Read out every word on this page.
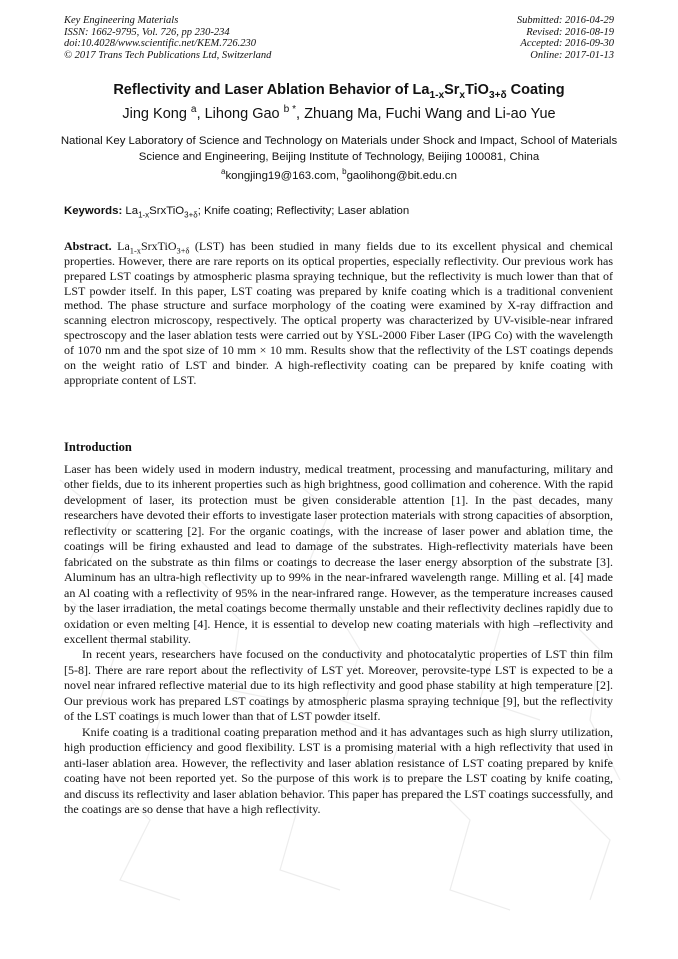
Key Engineering Materials
ISSN: 1662-9795, Vol. 726, pp 230-234
doi:10.4028/www.scientific.net/KEM.726.230
© 2017 Trans Tech Publications Ltd, Switzerland
Submitted: 2016-04-29
Revised: 2016-08-19
Accepted: 2016-09-30
Online: 2017-01-13
Reflectivity and Laser Ablation Behavior of $La_{1-x}Sr_xTiO_{3+\delta}$ Coating
Jing Kong $^a$, Lihong Gao $^{b *}$, Zhuang Ma, Fuchi Wang and Li-ao Yue
National Key Laboratory of Science and Technology on Materials under Shock and Impact, School of Materials Science and Engineering, Beijing Institute of Technology, Beijing 100081, China
$^a$kongjing19@163.com, $^b$gaolihong@bit.edu.cn
Keywords: $La_{1-x}SrxTiO_{3+\delta}$; Knife coating; Reflectivity; Laser ablation
Abstract. $La_{1-x}SrxTiO_{3+\delta}$ (LST) has been studied in many fields due to its excellent physical and chemical properties. However, there are rare reports on its optical properties, especially reflectivity. Our previous work has prepared LST coatings by atmospheric plasma spraying technique, but the reflectivity is much lower than that of LST powder itself. In this paper, LST coating was prepared by knife coating which is a traditional convenient method. The phase structure and surface morphology of the coating were examined by X-ray diffraction and scanning electron microscopy, respectively. The optical property was characterized by UV-visible-near infrared spectroscopy and the laser ablation tests were carried out by YSL-2000 Fiber Laser (IPG Co) with the wavelength of 1070 nm and the spot size of 10 mm × 10 mm. Results show that the reflectivity of the LST coatings depends on the weight ratio of LST and binder. A high-reflectivity coating can be prepared by knife coating with appropriate content of LST.
Introduction

Laser has been widely used in modern industry, medical treatment, processing and manufacturing, military and other fields, due to its inherent properties such as high brightness, good collimation and coherence. With the rapid development of laser, its protection must be given considerable attention [1]. In the past decades, many researchers have devoted their efforts to investigate laser protection materials with strong capacities of absorption, reflectivity or scattering [2]. For the organic coatings, with the increase of laser power and ablation time, the coatings will be firing exhausted and lead to damage of the substrates. High-reflectivity materials have been fabricated on the substrate as thin films or coatings to decrease the laser energy absorption of the substrate [3]. Aluminum has an ultra-high reflectivity up to 99% in the near-infrared wavelength range. Milling et al. [4] made an Al coating with a reflectivity of 95% in the near-infrared range. However, as the temperature increases caused by the laser irradiation, the metal coatings become thermally unstable and their reflectivity declines rapidly due to oxidation or even melting [4]. Hence, it is essential to develop new coating materials with high –reflectivity and excellent thermal stability.

In recent years, researchers have focused on the conductivity and photocatalytic properties of LST thin film [5-8]. There are rare report about the reflectivity of LST yet. Moreover, perovsite-type LST is expected to be a novel near infrared reflective material due to its high reflectivity and good phase stability at high temperature [2]. Our previous work has prepared LST coatings by atmospheric plasma spraying technique [9], but the reflectivity of the LST coatings is much lower than that of LST powder itself.

Knife coating is a traditional coating preparation method and it has advantages such as high slurry utilization, high production efficiency and good flexibility. LST is a promising material with a high reflectivity that used in anti-laser ablation area. However, the reflectivity and laser ablation resistance of LST coating prepared by knife coating have not been reported yet. So the purpose of this work is to prepare the LST coating by knife coating, and discuss its reflectivity and laser ablation behavior. This paper has prepared the LST coatings successfully, and the coatings are so dense that have a high reflectivity.
